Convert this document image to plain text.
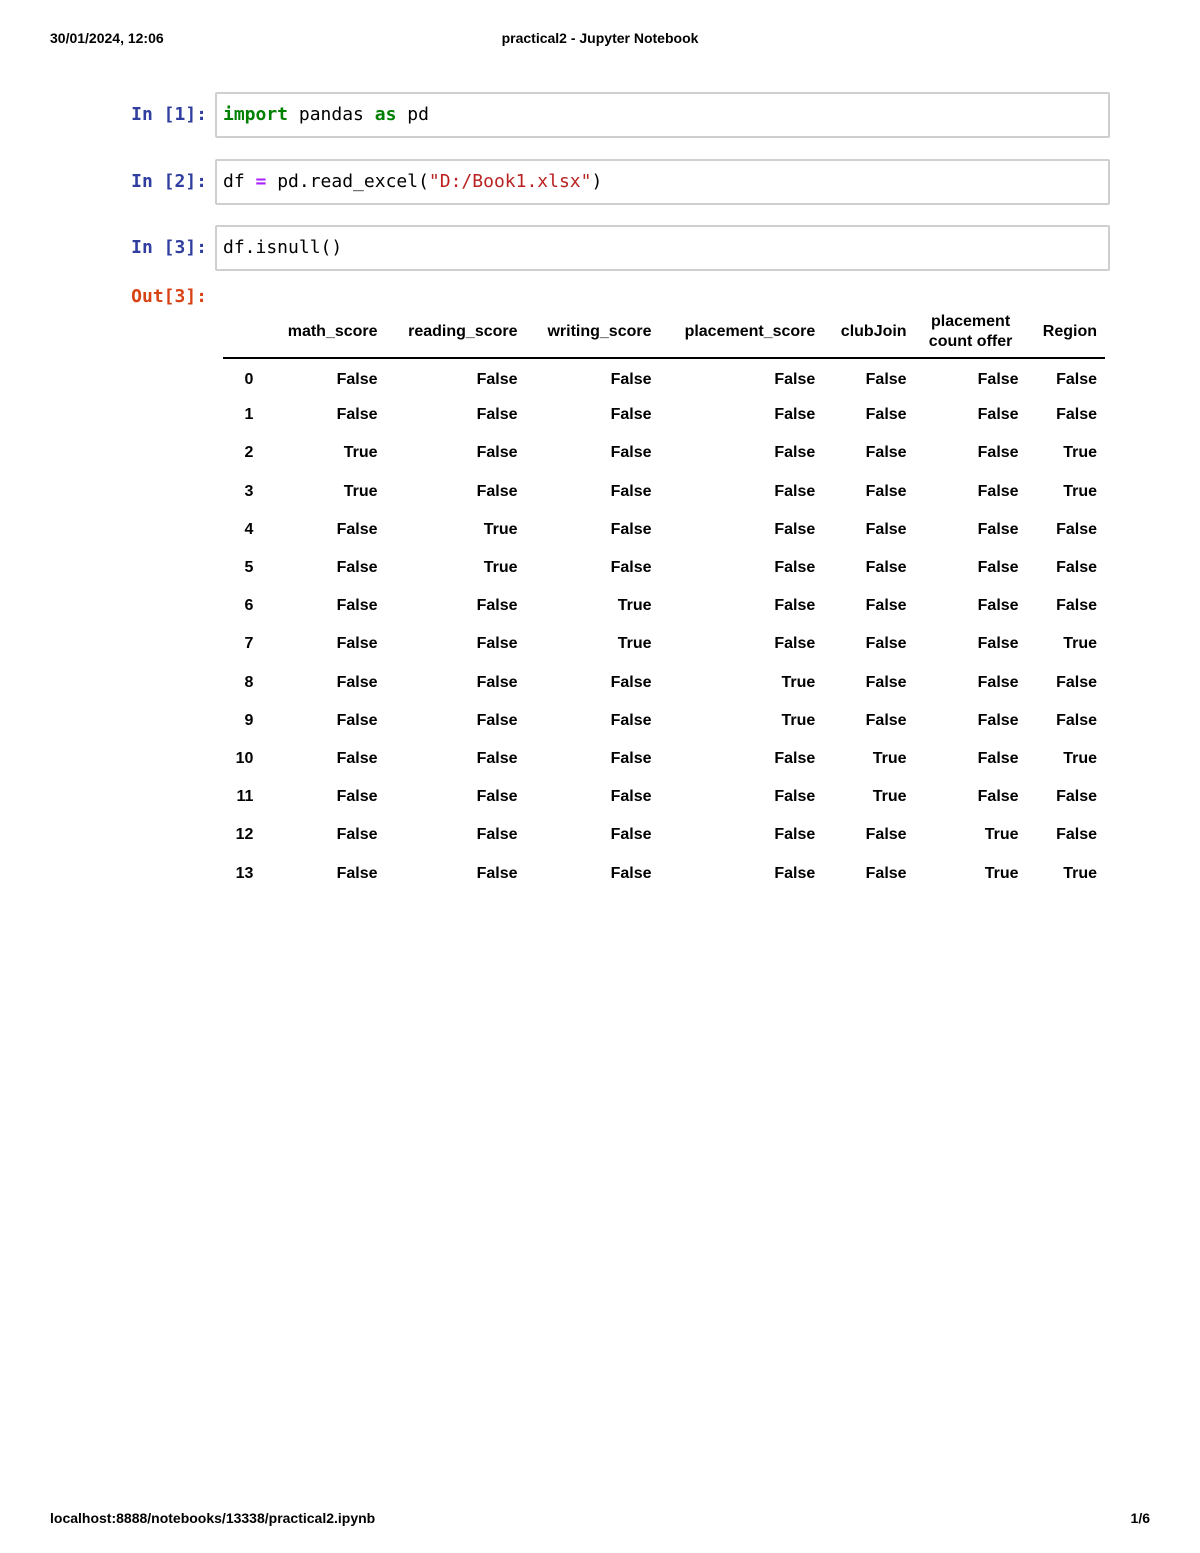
30/01/2024, 12:06	practical2 - Jupyter Notebook
In [1]: import pandas as pd
In [2]: df = pd.read_excel("D:/Book1.xlsx")
In [3]: df.isnull()
Out[3]:
	math_score	reading_score	writing_score	placement_score	clubJoin	placement count offer	Region
0	False	False	False	False	False	False	False
1	False	False	False	False	False	False	False
2	True	False	False	False	False	False	True
3	True	False	False	False	False	False	True
4	False	True	False	False	False	False	False
5	False	True	False	False	False	False	False
6	False	False	True	False	False	False	False
7	False	False	True	False	False	False	True
8	False	False	False	True	False	False	False
9	False	False	False	True	False	False	False
10	False	False	False	False	True	False	True
11	False	False	False	False	True	False	False
12	False	False	False	False	False	True	False
13	False	False	False	False	False	True	True
localhost:8888/notebooks/13338/practical2.ipynb	1/6
